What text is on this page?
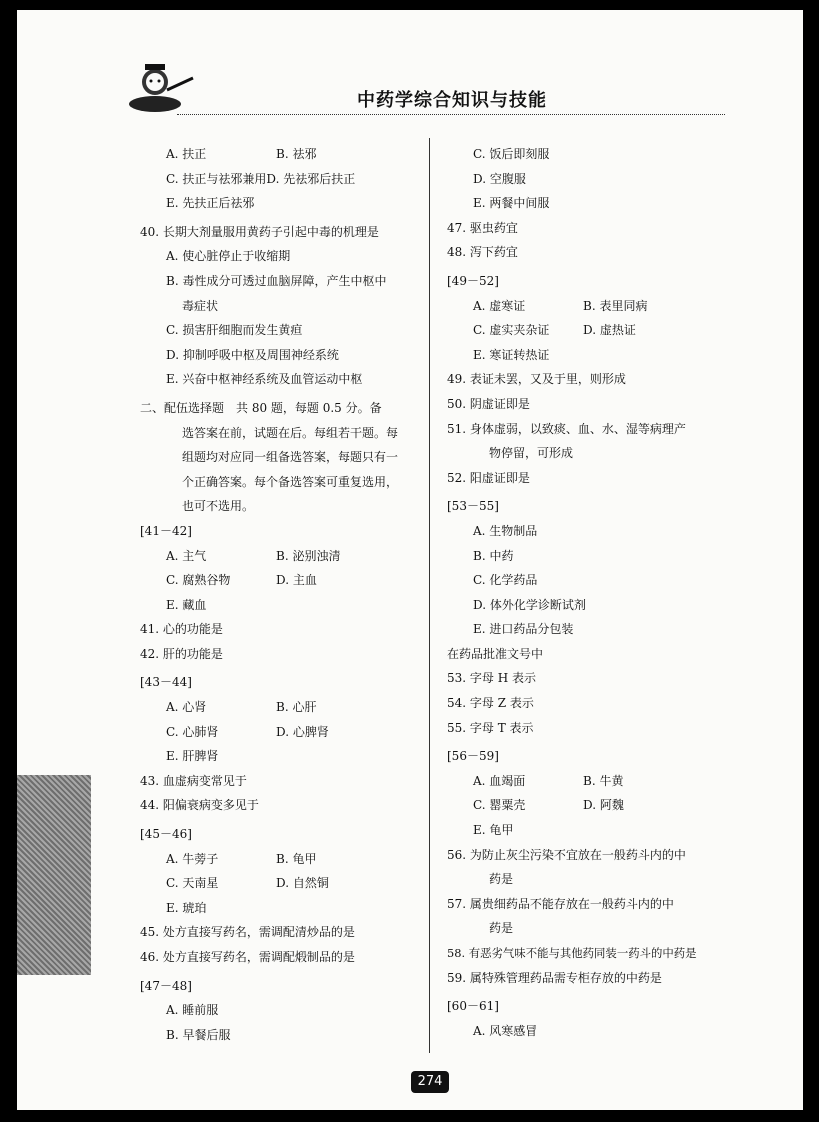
中药学综合知识与技能
A. 扶正	B. 祛邪
C. 扶正与祛邪兼用D. 先祛邪后扶正
E. 先扶正后祛邪
40. 长期大剂量服用黄药子引起中毒的机理是
A. 使心脏停止于收缩期
B. 毒性成分可透过血脑屏障，产生中枢中
毒症状
C. 损害肝细胞而发生黄疸
D. 抑制呼吸中枢及周围神经系统
E. 兴奋中枢神经系统及血管运动中枢
二、配伍选择题　共 80 题，每题 0.5 分。备
选答案在前，试题在后。每组若干题。每
组题均对应同一组备选答案，每题只有一
个正确答案。每个备选答案可重复选用，
也可不选用。
[41－42]
A. 主气	B. 泌别浊清
C. 腐熟谷物	D. 主血
E. 藏血
41. 心的功能是
42. 肝的功能是
[43－44]
A. 心肾	B. 心肝
C. 心肺肾	D. 心脾肾
E. 肝脾肾
43. 血虚病变常见于
44. 阳偏衰病变多见于
[45－46]
A. 牛蒡子	B. 龟甲
C. 天南星	D. 自然铜
E. 琥珀
45. 处方直接写药名，需调配清炒品的是
46. 处方直接写药名，需调配煅制品的是
[47－48]
A. 睡前服
B. 早餐后服
C. 饭后即刻服
D. 空腹服
E. 两餐中间服
47. 驱虫药宜
48. 泻下药宜
[49－52]
A. 虚寒证	B. 表里同病
C. 虚实夹杂证	D. 虚热证
E. 寒证转热证
49. 表证未罢，又及于里，则形成
50. 阴虚证即是
51. 身体虚弱，以致痰、血、水、湿等病理产
物停留，可形成
52. 阳虚证即是
[53－55]
A. 生物制品
B. 中药
C. 化学药品
D. 体外化学诊断试剂
E. 进口药品分包装
在药品批准文号中
53. 字母 H 表示
54. 字母 Z 表示
55. 字母 T 表示
[56－59]
A. 血竭面	B. 牛黄
C. 罂粟壳	D. 阿魏
E. 龟甲
56. 为防止灰尘污染不宜放在一般药斗内的中
药是
57. 属贵细药品不能存放在一般药斗内的中
药是
58. 有恶劣气味不能与其他药同装一药斗的中药是
59. 属特殊管理药品需专柜存放的中药是
[60－61]
A. 风寒感冒
274
